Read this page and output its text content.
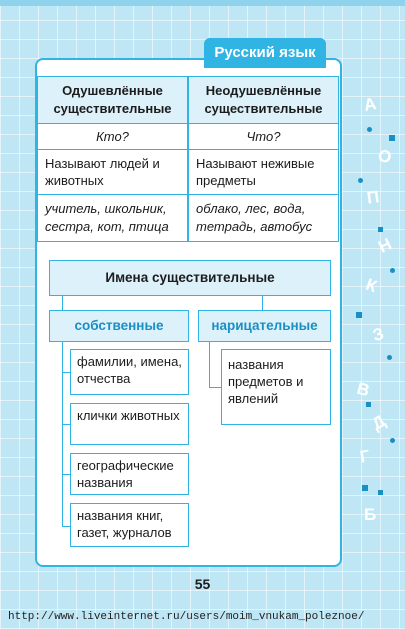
Русский язык
Одушевлённые существительные	Неодушевлённые существительные
Кто?	Что?
Называют людей и животных	Называют неживые предметы
учитель, школьник, сестра, кот, птица	облако, лес, вода, тетрадь, автобус
Имена существительные
собственные	нарицательные
фамилии, имена, отчества
клички животных
географические названия
названия книг, газет, журналов
названия предметов и явлений
А
О
П
Н
К
З
В
Д
Г
Б
55
http://www.liveinternet.ru/users/moim_vnukam_poleznoe/
